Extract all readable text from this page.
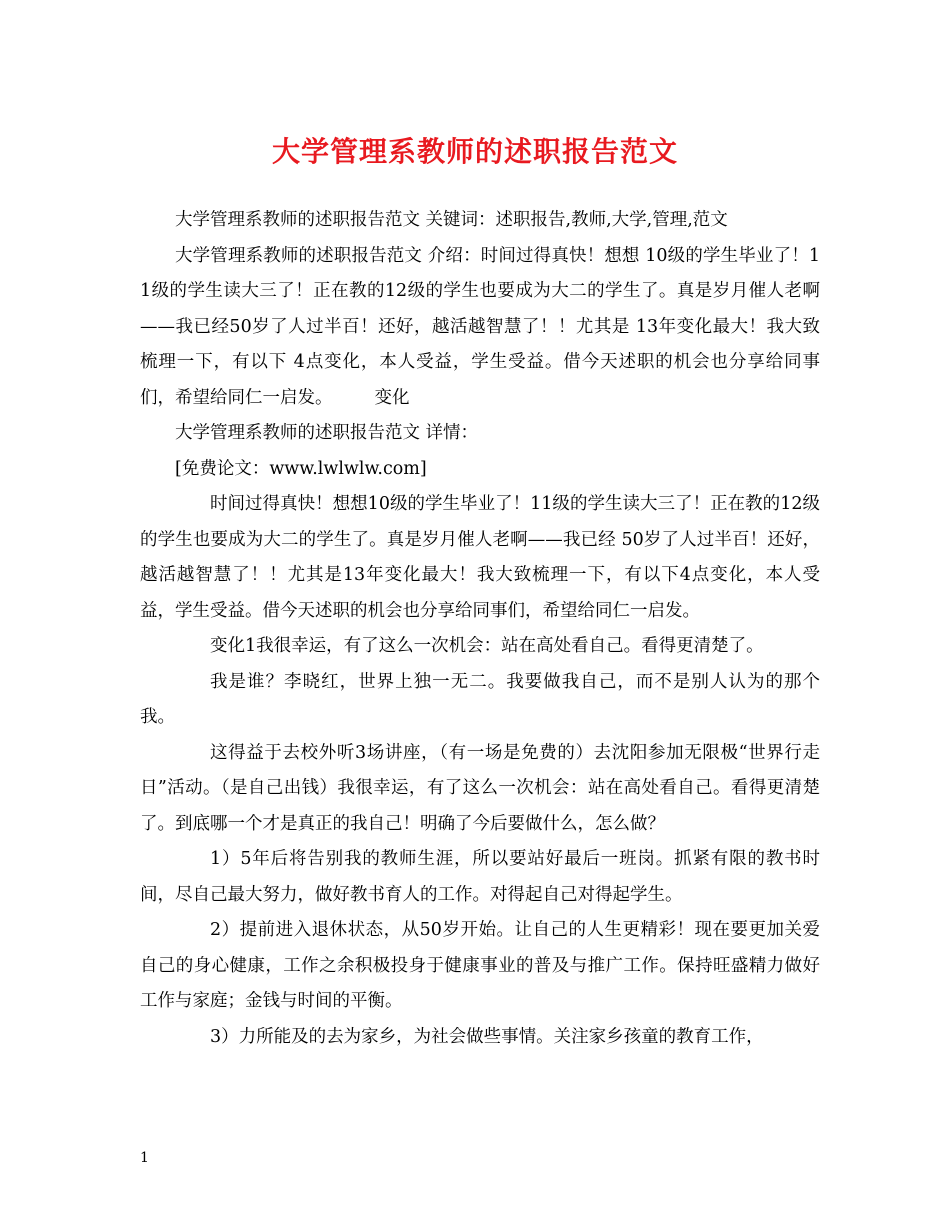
大学管理系教师的述职报告范文

大学管理系教师的述职报告范文 关键词：述职报告,教师,大学,管理,范文

大学管理系教师的述职报告范文 介绍：时间过得真快！想想 10级的学生毕业了！11级的学生读大三了！正在教的12级的学生也要成为大二的学生了。真是岁月催人老啊——我已经50岁了人过半百！还好，越活越智慧了！！尤其是 13年变化最大！我大致梳理一下，有以下 4点变化，本人受益，学生受益。借今天述职的机会也分享给同事们，希望给同仁一启发。 变化

大学管理系教师的述职报告范文 详情：

[免费论文：www.lwlwlw.com]

时间过得真快！想想10级的学生毕业了！11级的学生读大三了！正在教的12级的学生也要成为大二的学生了。真是岁月催人老啊——我已经 50岁了人过半百！还好，越活越智慧了！！尤其是13年变化最大！我大致梳理一下，有以下4点变化，本人受益，学生受益。借今天述职的机会也分享给同事们，希望给同仁一启发。

变化1我很幸运，有了这么一次机会：站在高处看自己。看得更清楚了。

我是谁？李晓红，世界上独一无二。我要做我自己，而不是别人认为的那个我。

这得益于去校外听3场讲座，（有一场是免费的）去沈阳参加无限极“世界行走日”活动。（是自己出钱）我很幸运，有了这么一次机会：站在高处看自己。看得更清楚了。到底哪一个才是真正的我自己！明确了今后要做什么，怎么做？

1）5年后将告别我的教师生涯，所以要站好最后一班岗。抓紧有限的教书时间，尽自己最大努力，做好教书育人的工作。对得起自己对得起学生。

2）提前进入退休状态，从50岁开始。让自己的人生更精彩！现在要更加关爱自己的身心健康，工作之余积极投身于健康事业的普及与推广工作。保持旺盛精力做好工作与家庭；金钱与时间的平衡。

3）力所能及的去为家乡，为社会做些事情。关注家乡孩童的教育工作，

1
